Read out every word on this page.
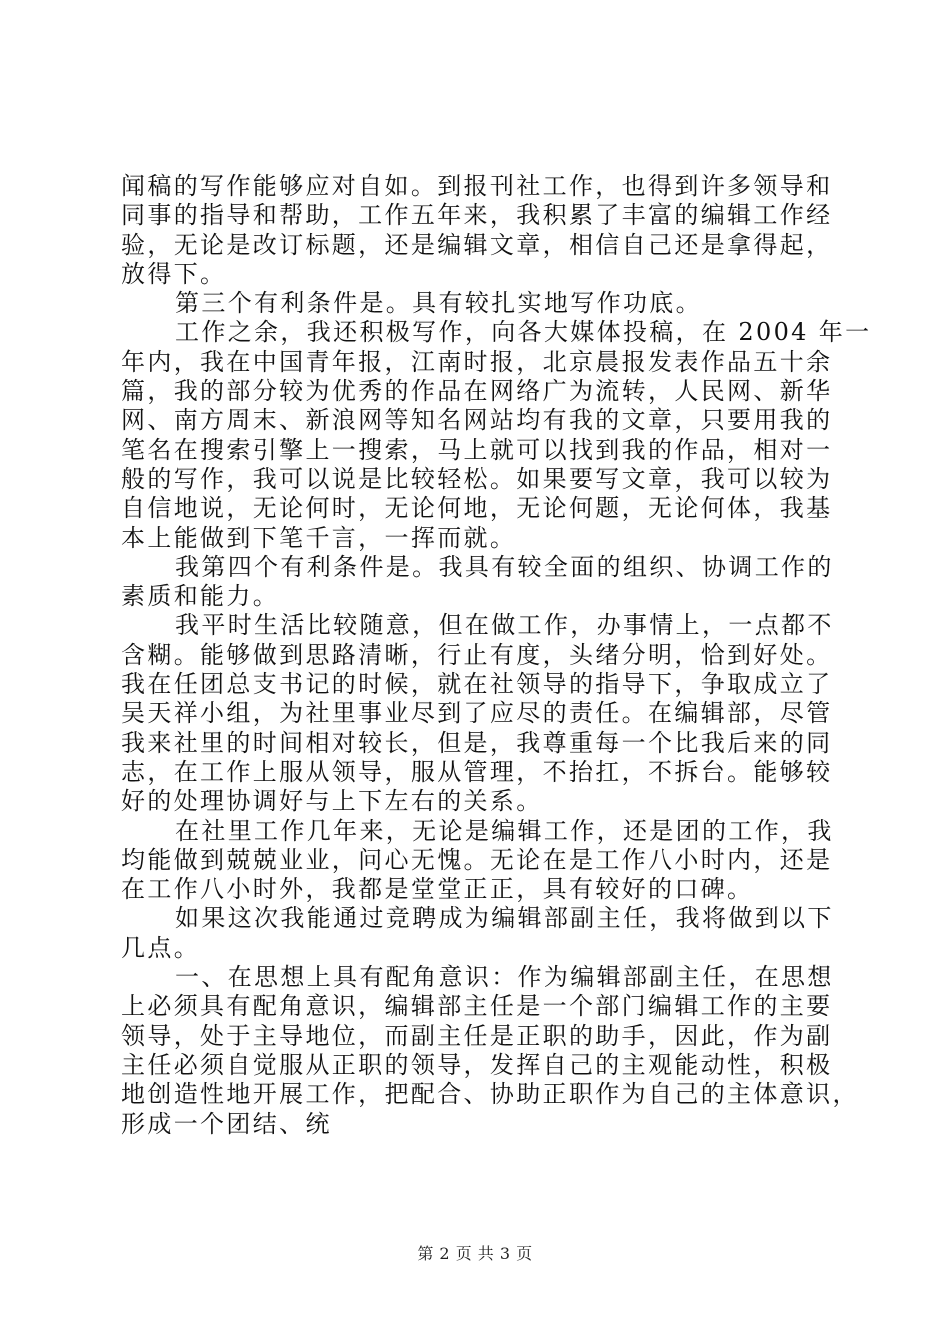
闻稿的写作能够应对自如。到报刊社工作，也得到许多领导和
同事的指导和帮助，工作五年来，我积累了丰富的编辑工作经
验，无论是改订标题，还是编辑文章，相信自己还是拿得起，
放得下。
第三个有利条件是。具有较扎实地写作功底。
工作之余，我还积极写作，向各大媒体投稿，在 2004 年一
年内，我在中国青年报，江南时报，北京晨报发表作品五十余
篇，我的部分较为优秀的作品在网络广为流转，人民网、新华
网、南方周末、新浪网等知名网站均有我的文章，只要用我的
笔名在搜索引擎上一搜索，马上就可以找到我的作品，相对一
般的写作，我可以说是比较轻松。如果要写文章，我可以较为
自信地说，无论何时，无论何地，无论何题，无论何体，我基
本上能做到下笔千言，一挥而就。
我第四个有利条件是。我具有较全面的组织、协调工作的
素质和能力。
我平时生活比较随意，但在做工作，办事情上，一点都不
含糊。能够做到思路清晰，行止有度，头绪分明，恰到好处。
我在任团总支书记的时候，就在社领导的指导下，争取成立了
吴天祥小组，为社里事业尽到了应尽的责任。在编辑部，尽管
我来社里的时间相对较长，但是，我尊重每一个比我后来的同
志，在工作上服从领导，服从管理，不抬扛，不拆台。能够较
好的处理协调好与上下左右的关系。
在社里工作几年来，无论是编辑工作，还是团的工作，我
均能做到兢兢业业，问心无愧。无论在是工作八小时内，还是
在工作八小时外，我都是堂堂正正，具有较好的口碑。
如果这次我能通过竞聘成为编辑部副主任，我将做到以下
几点。
一、在思想上具有配角意识：作为编辑部副主任，在思想
上必须具有配角意识，编辑部主任是一个部门编辑工作的主要
领导，处于主导地位，而副主任是正职的助手，因此，作为副
主任必须自觉服从正职的领导，发挥自己的主观能动性，积极
地创造性地开展工作，把配合、协助正职作为自己的主体意识，
形成一个团结、统
第 2 页 共 3 页
